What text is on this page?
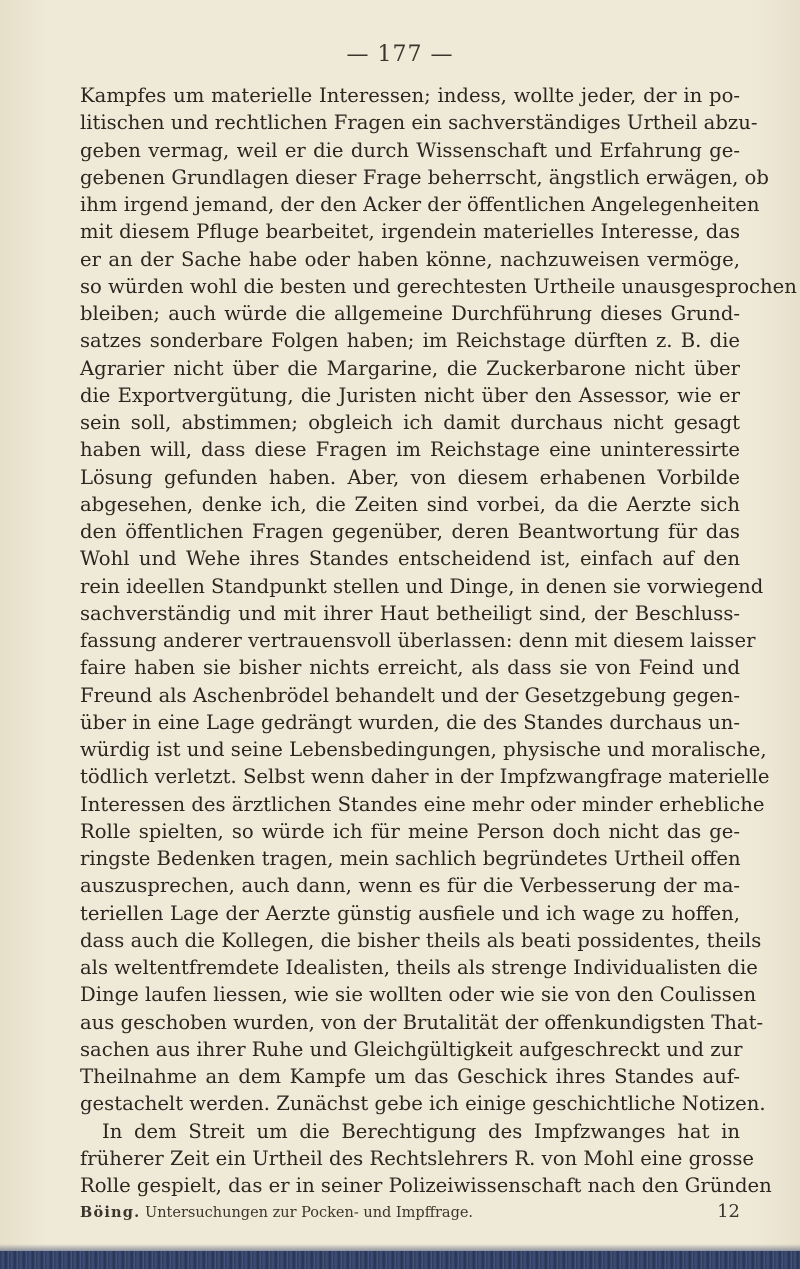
— 177 —
Kampfes um materielle Interessen; indess, wollte jeder, der in po-
litischen und rechtlichen Fragen ein sachverständiges Urtheil abzu-
geben vermag, weil er die durch Wissenschaft und Erfahrung ge-
gebenen Grundlagen dieser Frage beherrscht, ängstlich erwägen, ob
ihm irgend jemand, der den Acker der öffentlichen Angelegenheiten
mit diesem Pfluge bearbeitet, irgendein materielles Interesse, das
er an der Sache habe oder haben könne, nachzuweisen vermöge,
so würden wohl die besten und gerechtesten Urtheile unausgesprochen
bleiben; auch würde die allgemeine Durchführung dieses Grund-
satzes sonderbare Folgen haben; im Reichstage dürften z. B. die
Agrarier nicht über die Margarine, die Zuckerbarone nicht über
die Exportvergütung, die Juristen nicht über den Assessor, wie er
sein soll, abstimmen; obgleich ich damit durchaus nicht gesagt
haben will, dass diese Fragen im Reichstage eine uninteressirte
Lösung gefunden haben. Aber, von diesem erhabenen Vorbilde
abgesehen, denke ich, die Zeiten sind vorbei, da die Aerzte sich
den öffentlichen Fragen gegenüber, deren Beantwortung für das
Wohl und Wehe ihres Standes entscheidend ist, einfach auf den
rein ideellen Standpunkt stellen und Dinge, in denen sie vorwiegend
sachverständig und mit ihrer Haut betheiligt sind, der Beschluss-
fassung anderer vertrauensvoll überlassen: denn mit diesem laisser
faire haben sie bisher nichts erreicht, als dass sie von Feind und
Freund als Aschenbrödel behandelt und der Gesetzgebung gegen-
über in eine Lage gedrängt wurden, die des Standes durchaus un-
würdig ist und seine Lebensbedingungen, physische und moralische,
tödlich verletzt. Selbst wenn daher in der Impfzwangfrage materielle
Interessen des ärztlichen Standes eine mehr oder minder erhebliche
Rolle spielten, so würde ich für meine Person doch nicht das ge-
ringste Bedenken tragen, mein sachlich begründetes Urtheil offen
auszusprechen, auch dann, wenn es für die Verbesserung der ma-
teriellen Lage der Aerzte günstig ausfiele und ich wage zu hoffen,
dass auch die Kollegen, die bisher theils als beati possidentes, theils
als weltentfremdete Idealisten, theils als strenge Individualisten die
Dinge laufen liessen, wie sie wollten oder wie sie von den Coulissen
aus geschoben wurden, von der Brutalität der offenkundigsten That-
sachen aus ihrer Ruhe und Gleichgültigkeit aufgeschreckt und zur
Theilnahme an dem Kampfe um das Geschick ihres Standes auf-
gestachelt werden. Zunächst gebe ich einige geschichtliche Notizen.
In dem Streit um die Berechtigung des Impfzwanges hat in
früherer Zeit ein Urtheil des Rechtslehrers R. von Mohl eine grosse
Rolle gespielt, das er in seiner Polizeiwissenschaft nach den Gründen
Böing. Untersuchungen zur Pocken- und Impffrage.	12
